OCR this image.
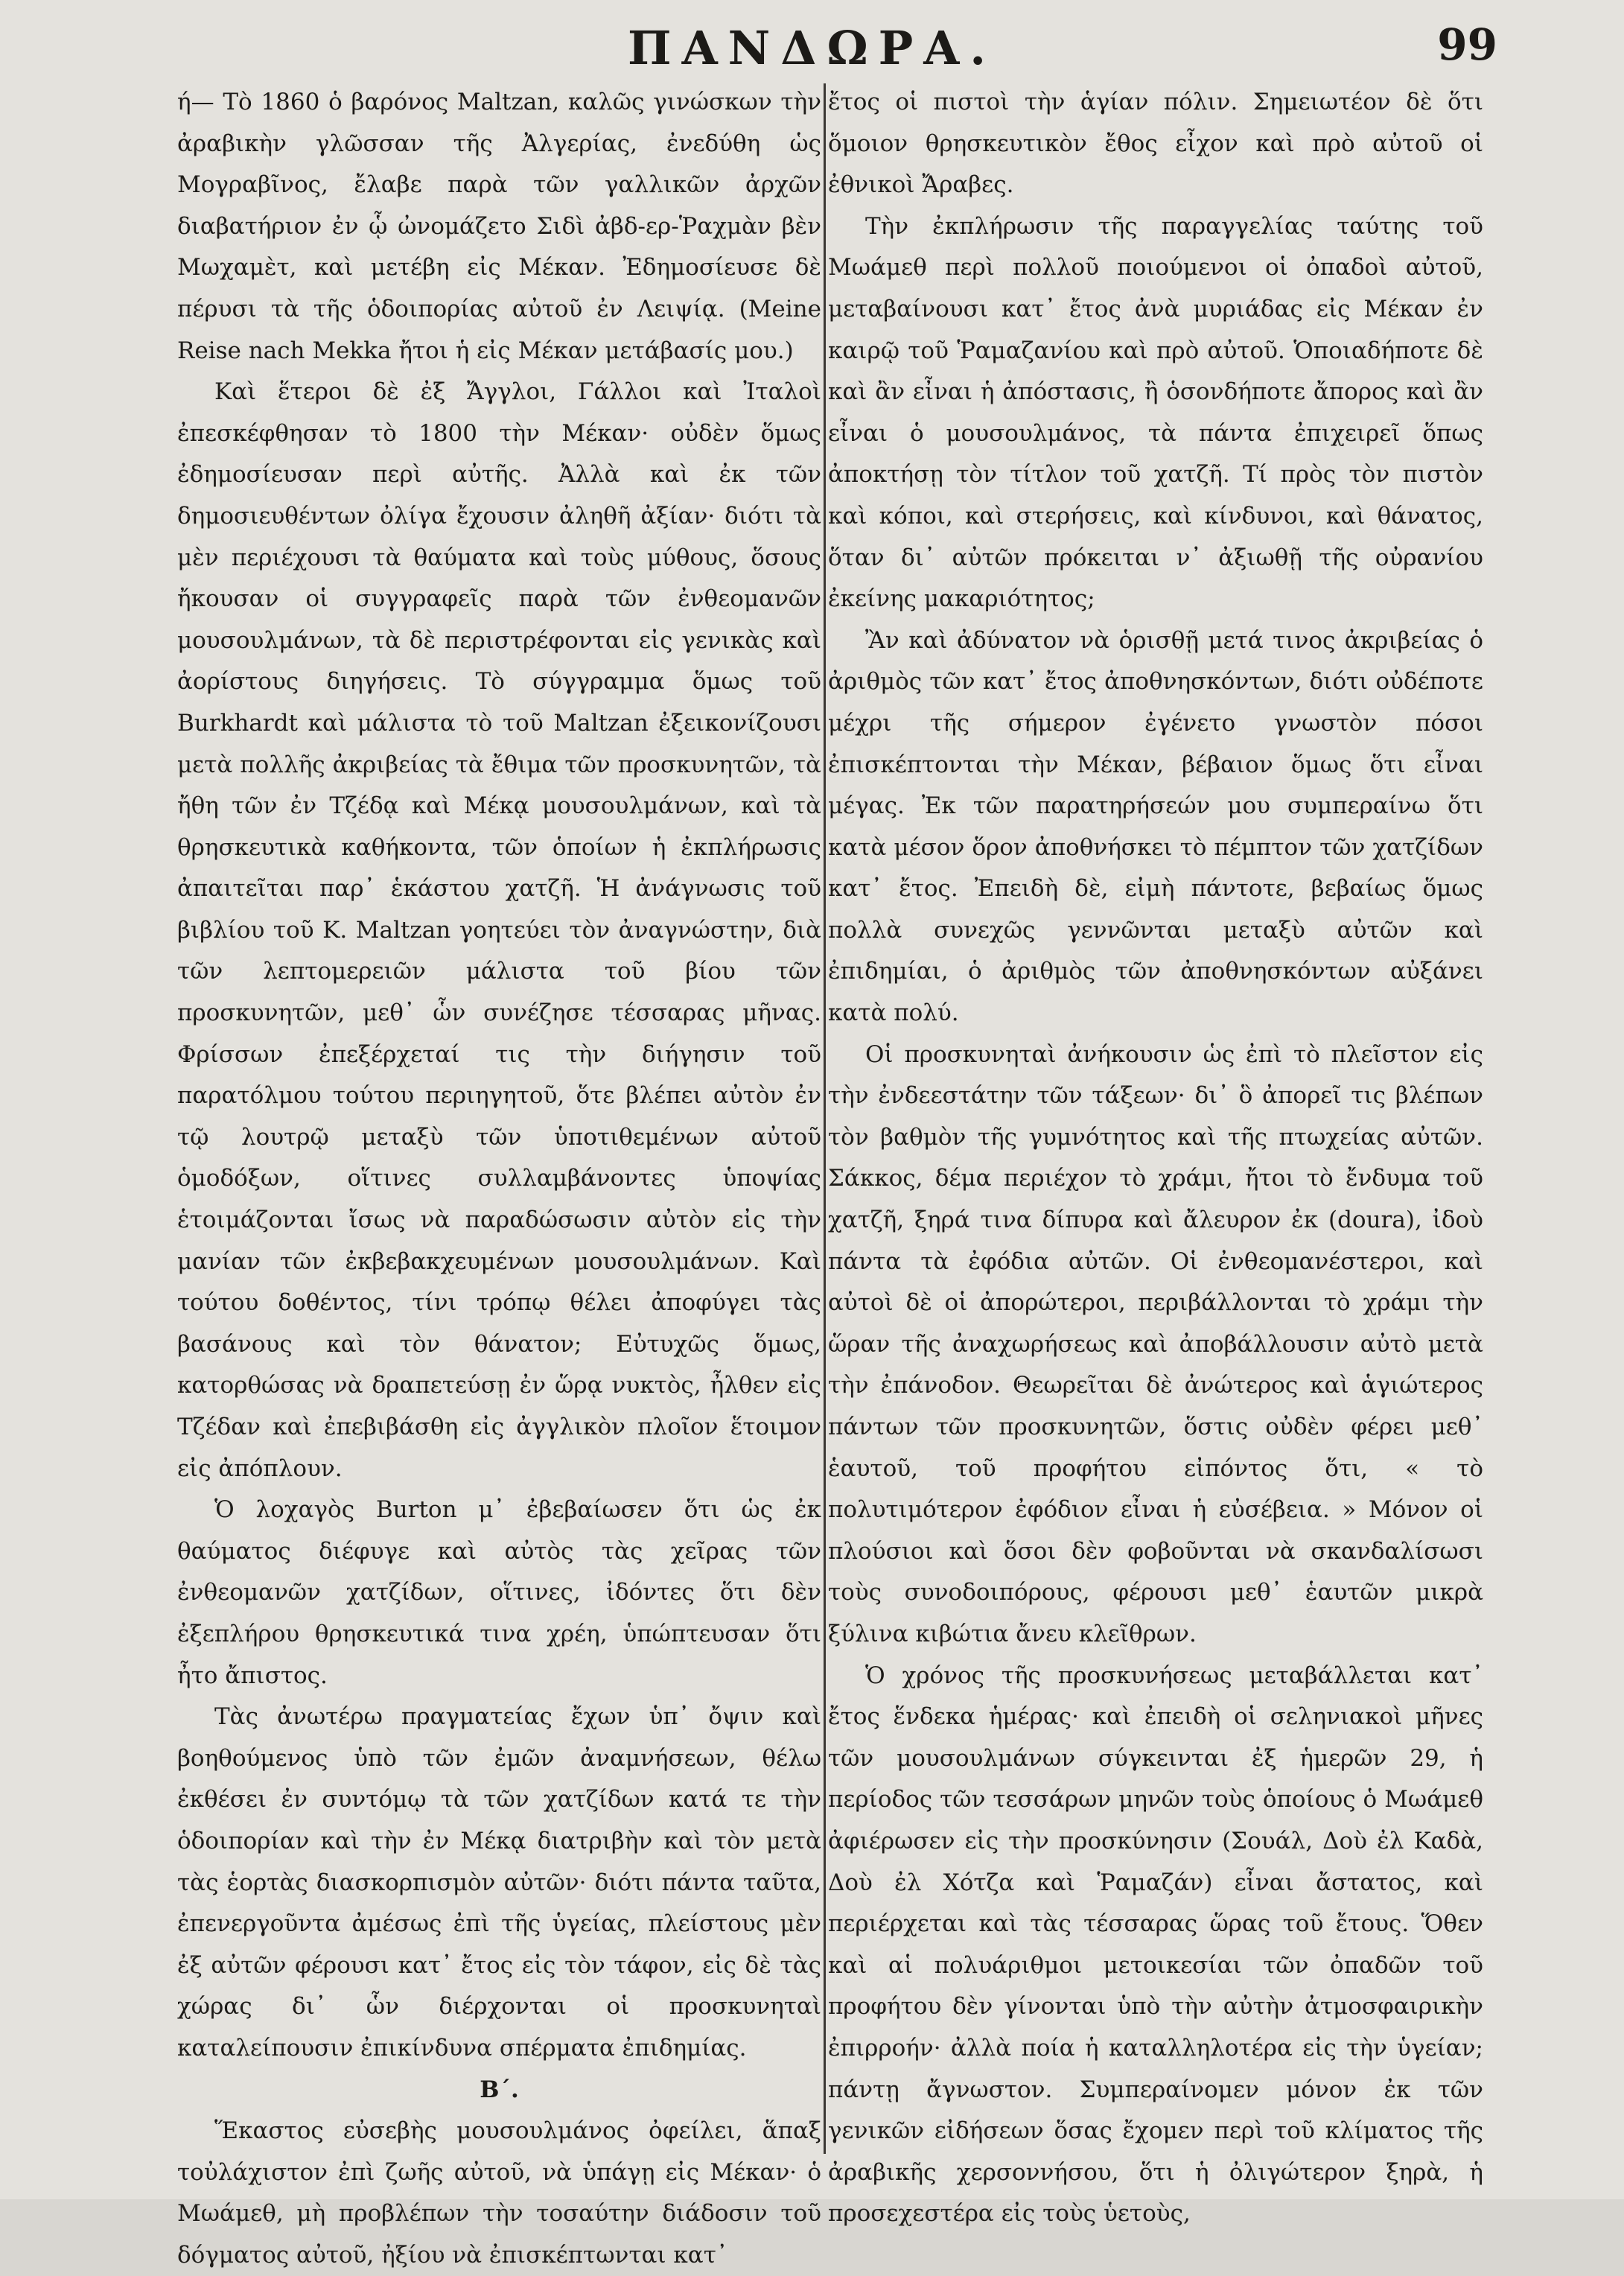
ΠΑΝΔΩΡΑ.	99

ή— Τὸ 1860 ὁ βαρόνος Maltzan, καλῶς γινώσκων τὴν ἀραβικὴν γλῶσσαν τῆς Ἀλγερίας, ἐνεδύθη ὡς Μογραβῖνος, ἔλαβε παρὰ τῶν γαλλικῶν ἀρχῶν διαβατήριον ἐν ᾧ ὠνομάζετο Σιδὶ ἀβδ-ερ-Ῥαχμὰν βὲν Μωχαμὲτ, καὶ μετέβη εἰς Μέκαν. Ἐδημοσίευσε δὲ πέρυσι τὰ τῆς ὁδοιπορίας αὐτοῦ ἐν Λειψίᾳ. (Meine Reise nach Mekka ἤτοι ἡ εἰς Μέκαν μετάβασίς μου.)

Καὶ ἕτεροι δὲ ἐξ Ἄγγλοι, Γάλλοι καὶ Ἰταλοὶ ἐπεσκέφθησαν τὸ 1800 τὴν Μέκαν· οὐδὲν ὅμως ἐδημοσίευσαν περὶ αὐτῆς. Ἀλλὰ καὶ ἐκ τῶν δημοσιευθέντων ὀλίγα ἔχουσιν ἀληθῆ ἀξίαν· διότι τὰ μὲν περιέχουσι τὰ θαύματα καὶ τοὺς μύθους, ὅσους ἤκουσαν οἱ συγγραφεῖς παρὰ τῶν ἐνθεομανῶν μουσουλμάνων, τὰ δὲ περιστρέφονται εἰς γενικὰς καὶ ἀορίστους διηγήσεις. Τὸ σύγγραμμα ὅμως τοῦ Burkhardt καὶ μάλιστα τὸ τοῦ Maltzan ἐξεικονίζουσι μετὰ πολλῆς ἀκριβείας τὰ ἔθιμα τῶν προσκυνητῶν, τὰ ἤθη τῶν ἐν Τζέδᾳ καὶ Μέκᾳ μουσουλμάνων, καὶ τὰ θρησκευτικὰ καθήκοντα, τῶν ὁποίων ἡ ἐκπλήρωσις ἀπαιτεῖται παρ᾽ ἑκάστου χατζῆ. Ἡ ἀνάγνωσις τοῦ βιβλίου τοῦ Κ. Maltzan γοητεύει τὸν ἀναγνώστην, διὰ τῶν λεπτομερειῶν μάλιστα τοῦ βίου τῶν προσκυνητῶν, μεθ᾽ ὧν συνέζησε τέσσαρας μῆνας. Φρίσσων ἐπεξέρχεταί τις τὴν διήγησιν τοῦ παρατόλμου τούτου περιηγητοῦ, ὅτε βλέπει αὐτὸν ἐν τῷ λουτρῷ μεταξὺ τῶν ὑποτιθεμένων αὐτοῦ ὁμοδόξων, οἵτινες συλλαμβάνοντες ὑποψίας ἑτοιμάζονται ἴσως νὰ παραδώσωσιν αὐτὸν εἰς τὴν μανίαν τῶν ἐκβεβακχευμένων μουσουλμάνων. Καὶ τούτου δοθέντος, τίνι τρόπῳ θέλει ἀποφύγει τὰς βασάνους καὶ τὸν θάνατον; Εὐτυχῶς ὅμως, κατορθώσας νὰ δραπετεύσῃ ἐν ὥρᾳ νυκτὸς, ἦλθεν εἰς Τζέδαν καὶ ἐπεβιβάσθη εἰς ἀγγλικὸν πλοῖον ἕτοιμον εἰς ἀπόπλουν.

Ὁ λοχαγὸς Burton μ᾽ ἐβεβαίωσεν ὅτι ὡς ἐκ θαύματος διέφυγε καὶ αὐτὸς τὰς χεῖρας τῶν ἐνθεομανῶν χατζίδων, οἵτινες, ἰδόντες ὅτι δὲν ἐξεπλήρου θρησκευτικά τινα χρέη, ὑπώπτευσαν ὅτι ἦτο ἄπιστος.

Τὰς ἀνωτέρω πραγματείας ἔχων ὑπ᾽ ὄψιν καὶ βοηθούμενος ὑπὸ τῶν ἐμῶν ἀναμνήσεων, θέλω ἐκθέσει ἐν συντόμῳ τὰ τῶν χατζίδων κατά τε τὴν ὁδοιπορίαν καὶ τὴν ἐν Μέκᾳ διατριβὴν καὶ τὸν μετὰ τὰς ἑορτὰς διασκορπισμὸν αὐτῶν· διότι πάντα ταῦτα, ἐπενεργοῦντα ἀμέσως ἐπὶ τῆς ὑγείας, πλείστους μὲν ἐξ αὐτῶν φέρουσι κατ᾽ ἔτος εἰς τὸν τάφον, εἰς δὲ τὰς χώρας δι᾽ ὧν διέρχονται οἱ προσκυνηταὶ καταλείπουσιν ἐπικίνδυνα σπέρματα ἐπιδημίας.

Β΄.

Ἕκαστος εὐσεβὴς μουσουλμάνος ὀφείλει, ἅπαξ τοὐλάχιστον ἐπὶ ζωῆς αὐτοῦ, νὰ ὑπάγῃ εἰς Μέκαν· ὁ Μωάμεθ, μὴ προβλέπων τὴν τοσαύτην διάδοσιν τοῦ δόγματος αὐτοῦ, ἠξίου νὰ ἐπισκέπτωνται κατ᾽

ἔτος οἱ πιστοὶ τὴν ἁγίαν πόλιν. Σημειωτέον δὲ ὅτι ὅμοιον θρησκευτικὸν ἔθος εἶχον καὶ πρὸ αὐτοῦ οἱ ἐθνικοὶ Ἄραβες.

Τὴν ἐκπλήρωσιν τῆς παραγγελίας ταύτης τοῦ Μωάμεθ περὶ πολλοῦ ποιούμενοι οἱ ὀπαδοὶ αὐτοῦ, μεταβαίνουσι κατ᾽ ἔτος ἀνὰ μυριάδας εἰς Μέκαν ἐν καιρῷ τοῦ Ῥαμαζανίου καὶ πρὸ αὐτοῦ. Ὁποιαδήποτε δὲ καὶ ἂν εἶναι ἡ ἀπόστασις, ἢ ὁσονδήποτε ἄπορος καὶ ἂν εἶναι ὁ μουσουλμάνος, τὰ πάντα ἐπιχειρεῖ ὅπως ἀποκτήσῃ τὸν τίτλον τοῦ χατζῆ. Τί πρὸς τὸν πιστὸν καὶ κόποι, καὶ στερήσεις, καὶ κίνδυνοι, καὶ θάνατος, ὅταν δι᾽ αὐτῶν πρόκειται ν᾽ ἀξιωθῇ τῆς οὐρανίου ἐκείνης μακαριότητος;

Ἂν καὶ ἀδύνατον νὰ ὁρισθῇ μετά τινος ἀκριβείας ὁ ἀριθμὸς τῶν κατ᾽ ἔτος ἀποθνησκόντων, διότι οὐδέποτε μέχρι τῆς σήμερον ἐγένετο γνωστὸν πόσοι ἐπισκέπτονται τὴν Μέκαν, βέβαιον ὅμως ὅτι εἶναι μέγας. Ἐκ τῶν παρατηρήσεών μου συμπεραίνω ὅτι κατὰ μέσον ὅρον ἀποθνήσκει τὸ πέμπτον τῶν χατζίδων κατ᾽ ἔτος. Ἐπειδὴ δὲ, εἰμὴ πάντοτε, βεβαίως ὅμως πολλὰ συνεχῶς γεννῶνται μεταξὺ αὐτῶν καὶ ἐπιδημίαι, ὁ ἀριθμὸς τῶν ἀποθνησκόντων αὐξάνει κατὰ πολύ.

Οἱ προσκυνηταὶ ἀνήκουσιν ὡς ἐπὶ τὸ πλεῖστον εἰς τὴν ἐνδεεστάτην τῶν τάξεων· δι᾽ ὃ ἀπορεῖ τις βλέπων τὸν βαθμὸν τῆς γυμνότητος καὶ τῆς πτωχείας αὐτῶν. Σάκκος, δέμα περιέχον τὸ χράμι, ἤτοι τὸ ἔνδυμα τοῦ χατζῆ, ξηρά τινα δίπυρα καὶ ἄλευρον ἐκ (doura), ἰδοὺ πάντα τὰ ἐφόδια αὐτῶν. Οἱ ἐνθεομανέστεροι, καὶ αὐτοὶ δὲ οἱ ἀπορώτεροι, περιβάλλονται τὸ χράμι τὴν ὥραν τῆς ἀναχωρήσεως καὶ ἀποβάλλουσιν αὐτὸ μετὰ τὴν ἐπάνοδον. Θεωρεῖται δὲ ἀνώτερος καὶ ἁγιώτερος πάντων τῶν προσκυνητῶν, ὅστις οὐδὲν φέρει μεθ᾽ ἑαυτοῦ, τοῦ προφήτου εἰπόντος ὅτι, « τὸ πολυτιμότερον ἐφόδιον εἶναι ἡ εὐσέβεια. » Μόνον οἱ πλούσιοι καὶ ὅσοι δὲν φοβοῦνται νὰ σκανδαλίσωσι τοὺς συνοδοιπόρους, φέρουσι μεθ᾽ ἑαυτῶν μικρὰ ξύλινα κιβώτια ἄνευ κλεῖθρων.

Ὁ χρόνος τῆς προσκυνήσεως μεταβάλλεται κατ᾽ ἔτος ἕνδεκα ἡμέρας· καὶ ἐπειδὴ οἱ σεληνιακοὶ μῆνες τῶν μουσουλμάνων σύγκεινται ἐξ ἡμερῶν 29, ἡ περίοδος τῶν τεσσάρων μηνῶν τοὺς ὁποίους ὁ Μωάμεθ ἀφιέρωσεν εἰς τὴν προσκύνησιν (Σουάλ, Δοὺ ἐλ Καδὰ, Δοὺ ἐλ Χότζα καὶ Ῥαμαζάν) εἶναι ἄστατος, καὶ περιέρχεται καὶ τὰς τέσσαρας ὥρας τοῦ ἔτους. Ὅθεν καὶ αἱ πολυάριθμοι μετοικεσίαι τῶν ὀπαδῶν τοῦ προφήτου δὲν γίνονται ὑπὸ τὴν αὐτὴν ἀτμοσφαιρικὴν ἐπιρροήν· ἀλλὰ ποία ἡ καταλληλοτέρα εἰς τὴν ὑγείαν; πάντῃ ἄγνωστον. Συμπεραίνομεν μόνον ἐκ τῶν γενικῶν εἰδήσεων ὅσας ἔχομεν περὶ τοῦ κλίματος τῆς ἀραβικῆς χερσοννήσου, ὅτι ἡ ὀλιγώτερον ξηρὰ, ἡ προσεχεστέρα εἰς τοὺς ὑετοὺς,
